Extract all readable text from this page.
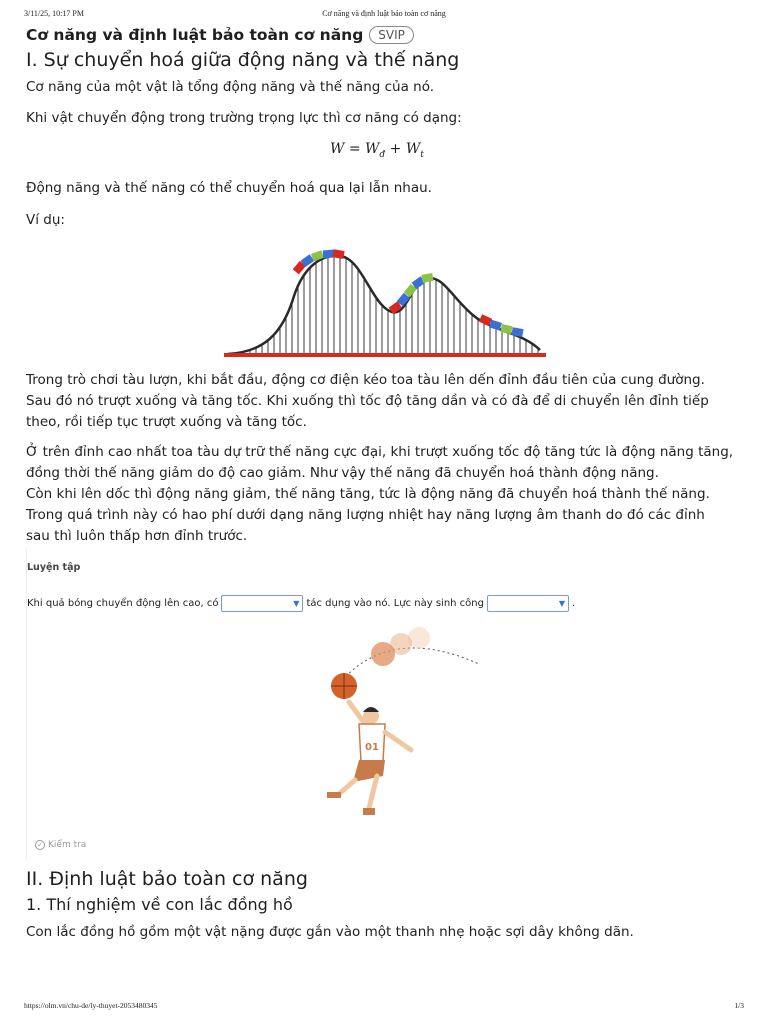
3/11/25, 10:17 PM	Cơ năng và định luật bảo toàn cơ năng
Cơ năng và định luật bảo toàn cơ năng	SVIP
I. Sự chuyển hoá giữa động năng và thế năng
Cơ năng của một vật là tổng động năng và thế năng của nó.
Khi vật chuyển động trong trường trọng lực thì cơ năng có dạng:
$W = W_đ + W_t$
Động năng và thế năng có thể chuyển hoá qua lại lẫn nhau.
Ví dụ:
Trong trò chơi tàu lượn, khi bắt đầu, động cơ điện kéo toa tàu lên dến đỉnh đầu tiên của cung đường.
Sau đó nó trượt xuống và tăng tốc. Khi xuống thì tốc độ tăng dần và có đà để di chuyển lên đỉnh tiếp
theo, rồi tiếp tục trượt xuống và tăng tốc.
Ở trên đỉnh cao nhất toa tàu dự trữ thế năng cực đại, khi trượt xuống tốc độ tăng tức là động năng tăng,
đồng thời thế năng giảm do độ cao giảm. Như vậy thế năng đã chuyển hoá thành động năng.
Còn khi lên dốc thì động năng giảm, thế năng tăng, tức là động năng đã chuyển hoá thành thế năng.
Trong quá trình này có hao phí dưới dạng năng lượng nhiệt hay năng lượng âm thanh do đó các đỉnh
sau thì luôn thấp hơn đỉnh trước.
Luyện tập
Khi quả bóng chuyển động lên cao, có	▼ tác dụng vào nó. Lực này sinh công	▼ .
01
✓ Kiểm tra
II. Định luật bảo toàn cơ năng
1. Thí nghiệm về con lắc đồng hồ
Con lắc đồng hồ gồm một vật nặng được gắn vào một thanh nhẹ hoặc sợi dây không dãn.
https://olm.vn/chu-de/ly-thuyet-2053480345	1/3
